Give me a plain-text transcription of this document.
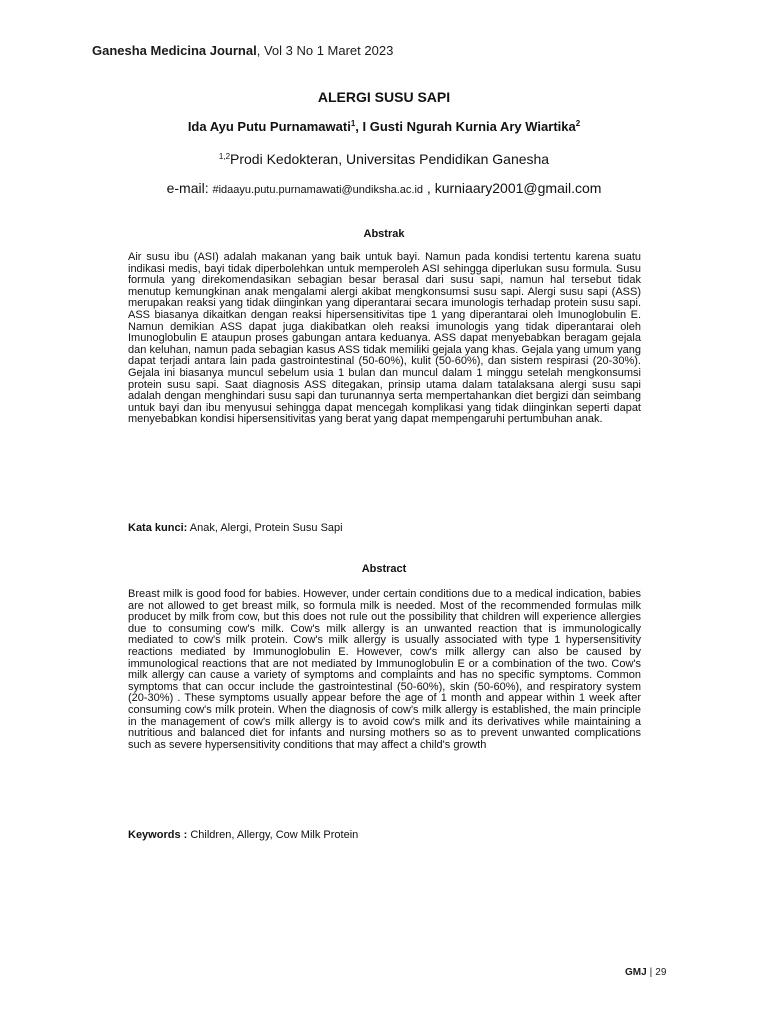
Ganesha Medicina Journal, Vol 3 No 1 Maret 2023
ALERGI SUSU SAPI
Ida Ayu Putu Purnamawati$^1$, I Gusti Ngurah Kurnia Ary Wiartika$^2$
$^{1,2}$Prodi Kedokteran, Universitas Pendidikan Ganesha
e-mail: #idaayu.putu.purnamawati@undiksha.ac.id , kurniaary2001@gmail.com
Abstrak

Air susu ibu (ASI) adalah makanan yang baik untuk bayi. Namun pada kondisi tertentu karena suatu indikasi medis, bayi tidak diperbolehkan untuk memperoleh ASI sehingga diperlukan susu formula. Susu formula yang direkomendasikan sebagian besar berasal dari susu sapi, namun hal tersebut tidak menutup kemungkinan anak mengalami alergi akibat mengkonsumsi susu sapi. Alergi susu sapi (ASS) merupakan reaksi yang tidak diinginkan yang diperantarai secara imunologis terhadap protein susu sapi. ASS biasanya dikaitkan dengan reaksi hipersensitivitas tipe 1 yang diperantarai oleh Imunoglobulin E. Namun demikian ASS dapat juga diakibatkan oleh reaksi imunologis yang tidak diperantarai oleh Imunoglobulin E ataupun proses gabungan antara keduanya. ASS dapat menyebabkan beragam gejala dan keluhan, namun pada sebagian kasus ASS tidak memiliki gejala yang khas. Gejala yang umum yang dapat terjadi antara lain pada gastrointestinal (50-60%), kulit (50-60%), dan sistem respirasi (20-30%). Gejala ini biasanya muncul sebelum usia 1 bulan dan muncul dalam 1 minggu setelah mengkonsumsi protein susu sapi. Saat diagnosis ASS ditegakan, prinsip utama dalam tatalaksana alergi susu sapi adalah dengan menghindari susu sapi dan turunannya serta mempertahankan diet bergizi dan seimbang untuk bayi dan ibu menyusui sehingga dapat mencegah komplikasi yang tidak diinginkan seperti dapat menyebabkan kondisi hipersensitivitas yang berat yang dapat mempengaruhi pertumbuhan anak.

Kata kunci: Anak, Alergi, Protein Susu Sapi
Abstract

Breast milk is good food for babies. However, under certain conditions due to a medical indication, babies are not allowed to get breast milk, so formula milk is needed. Most of the recommended formulas milk producet by milk from cow, but this does not rule out the possibility that children will experience allergies due to consuming cow's milk. Cow's milk allergy is an unwanted reaction that is immunologically mediated to cow's milk protein. Cow's milk allergy is usually associated with type 1 hypersensitivity reactions mediated by Immunoglobulin E. However, cow's milk allergy can also be caused by immunological reactions that are not mediated by Immunoglobulin E or a combination of the two. Cow's milk allergy can cause a variety of symptoms and complaints and has no specific symptoms. Common symptoms that can occur include the gastrointestinal (50-60%), skin (50-60%), and respiratory system (20-30%) . These symptoms usually appear before the age of 1 month and appear within 1 week after consuming cow's milk protein. When the diagnosis of cow's milk allergy is established, the main principle in the management of cow's milk allergy is to avoid cow's milk and its derivatives while maintaining a nutritious and balanced diet for infants and nursing mothers so as to prevent unwanted complications such as severe hypersensitivity conditions that may affect a child's growth

Keywords : Children, Allergy, Cow Milk Protein
GMJ | 29
